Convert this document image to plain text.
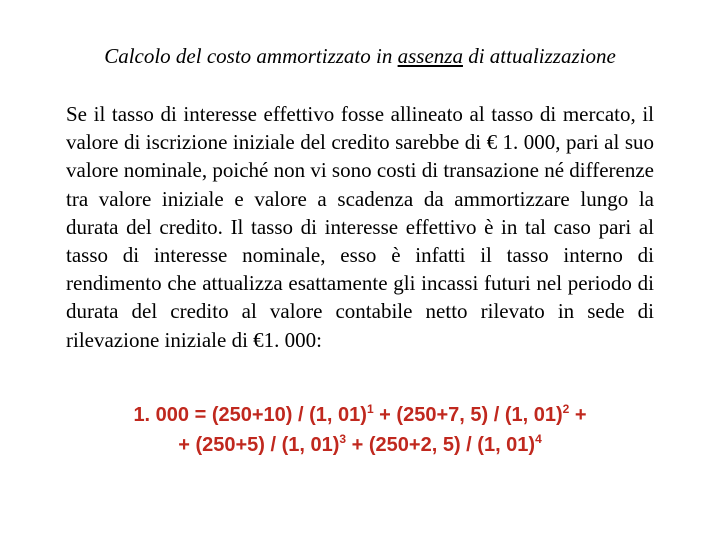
Calcolo del costo ammortizzato in assenza di attualizzazione
Se il tasso di interesse effettivo fosse allineato al tasso di mercato, il valore di iscrizione iniziale del credito sarebbe di € 1. 000, pari al suo valore nominale, poiché non vi sono costi di transazione né differenze tra valore iniziale e valore a scadenza da ammortizzare lungo la durata del credito. Il tasso di interesse effettivo è in tal caso pari al tasso di interesse nominale, esso è infatti il tasso interno di rendimento che attualizza esattamente gli incassi futuri nel periodo di durata del credito al valore contabile netto rilevato in sede di rilevazione iniziale di €1. 000:
1. 000 = (250+10) / (1, 01)$^1$ + (250+7, 5) / (1, 01)$^2$ +
+ (250+5) / (1, 01)$^3$ + (250+2, 5) / (1, 01)$^4$
